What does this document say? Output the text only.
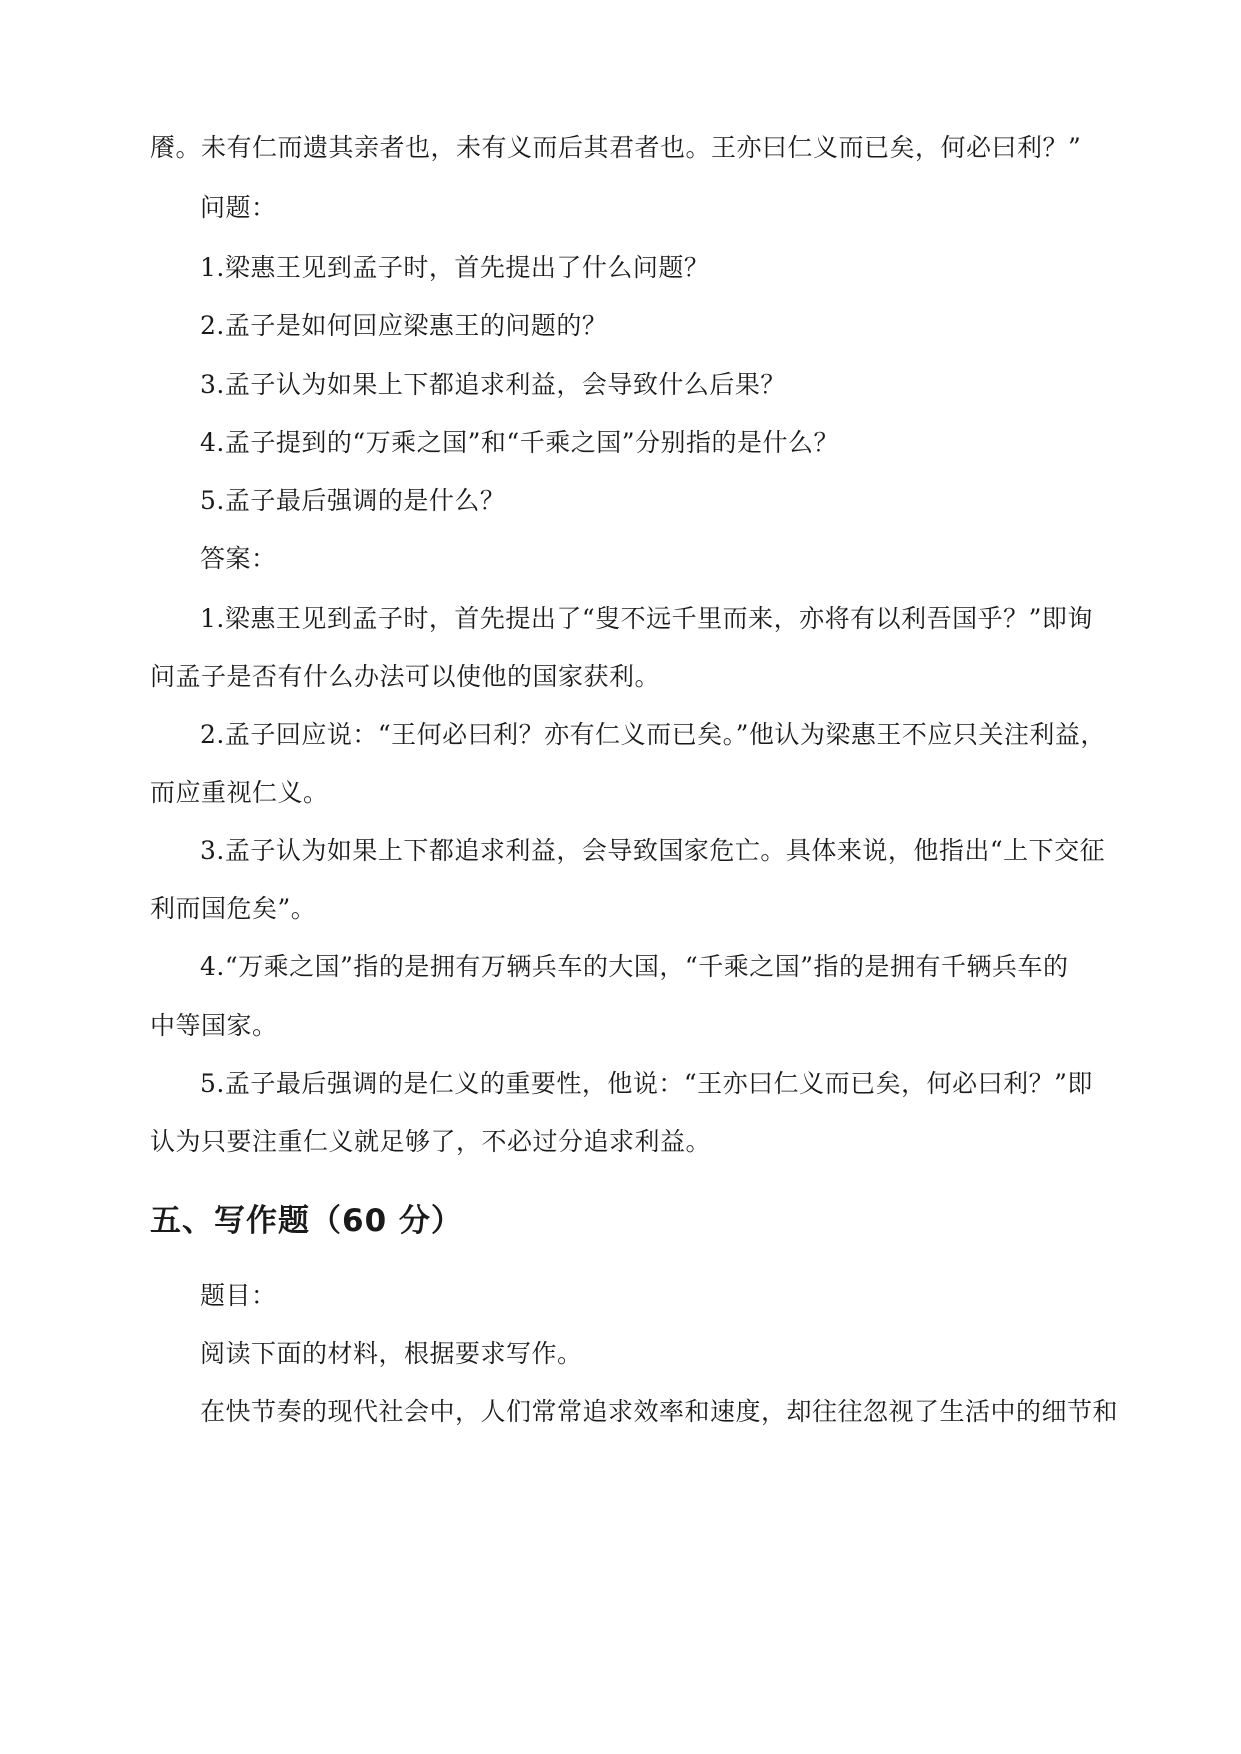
餍。未有仁而遗其亲者也，未有义而后其君者也。王亦曰仁义而已矣，何必曰利？”
问题：
1.梁惠王见到孟子时，首先提出了什么问题？
2.孟子是如何回应梁惠王的问题的？
3.孟子认为如果上下都追求利益，会导致什么后果？
4.孟子提到的“万乘之国”和“千乘之国”分别指的是什么？
5.孟子最后强调的是什么？
答案：
1.梁惠王见到孟子时，首先提出了“叟不远千里而来，亦将有以利吾国乎？”即询
问孟子是否有什么办法可以使他的国家获利。
2.孟子回应说：“王何必曰利？亦有仁义而已矣。”他认为梁惠王不应只关注利益，
而应重视仁义。
3.孟子认为如果上下都追求利益，会导致国家危亡。具体来说，他指出“上下交征
利而国危矣”。
4.“万乘之国”指的是拥有万辆兵车的大国，“千乘之国”指的是拥有千辆兵车的
中等国家。
5.孟子最后强调的是仁义的重要性，他说：“王亦曰仁义而已矣，何必曰利？”即
认为只要注重仁义就足够了，不必过分追求利益。
五、写作题（60 分）
题目：
阅读下面的材料，根据要求写作。
在快节奏的现代社会中，人们常常追求效率和速度，却往往忽视了生活中的细节和
